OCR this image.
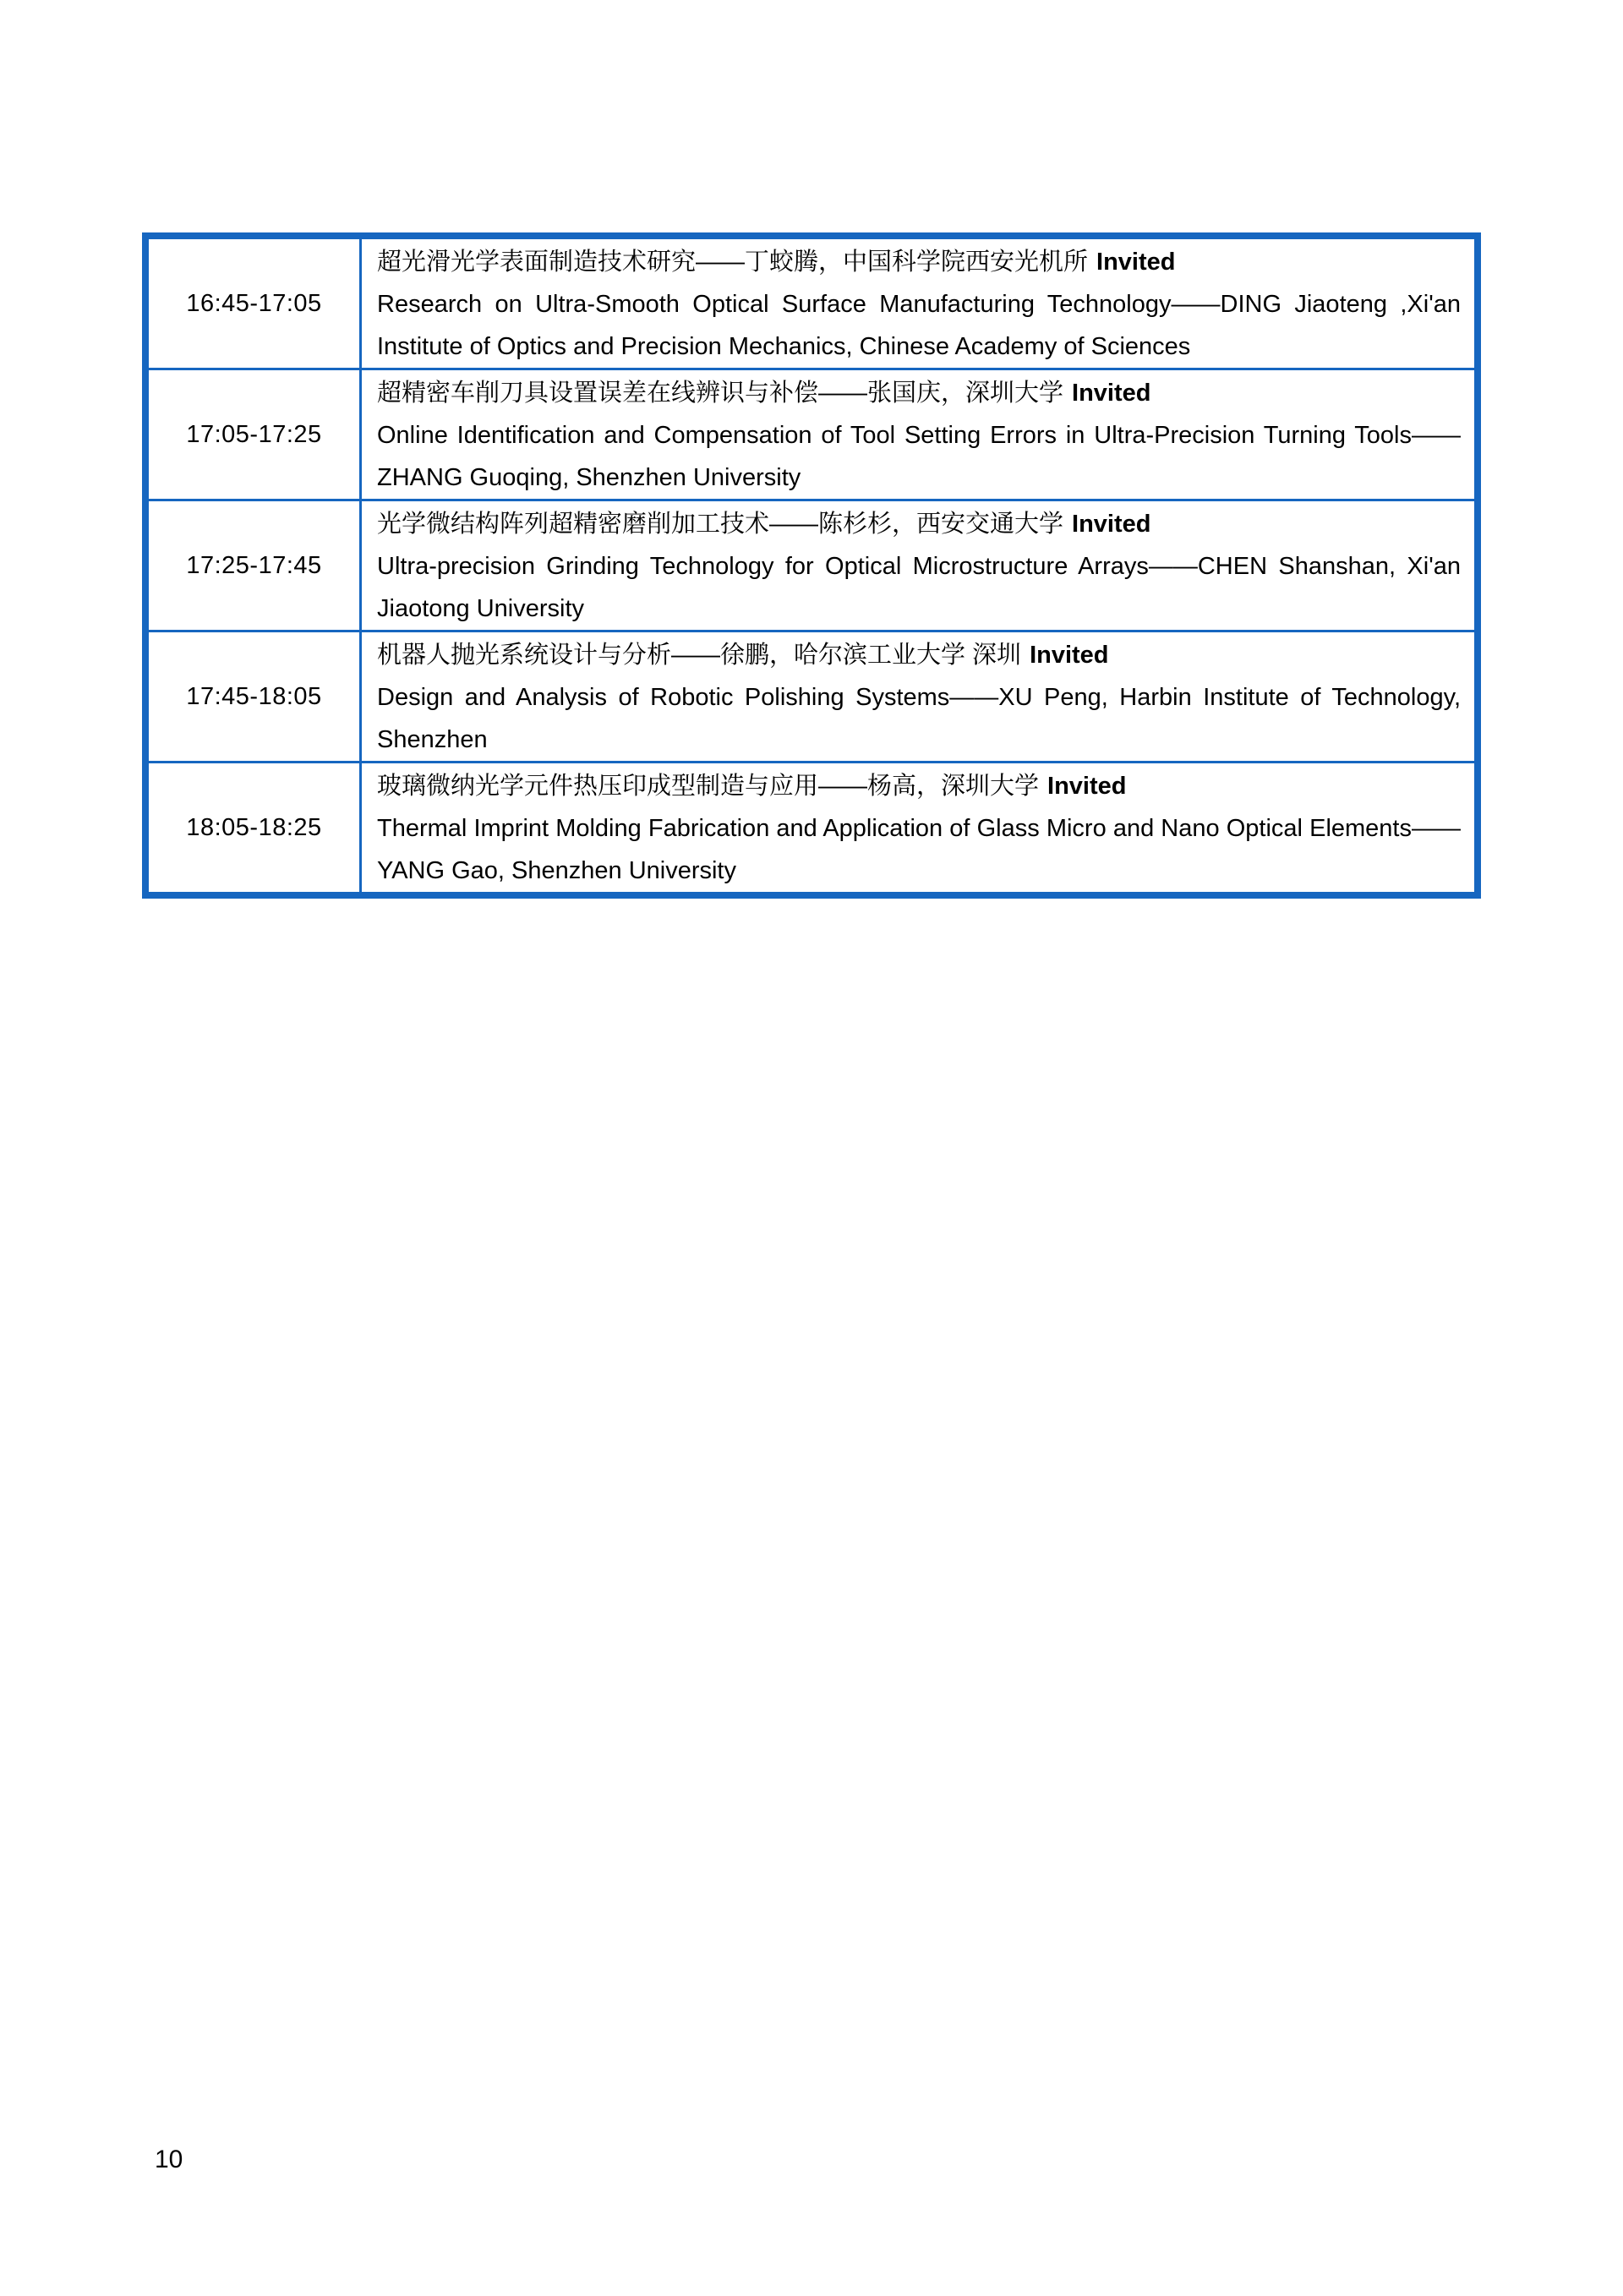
16:45-17:05
超光滑光学表面制造技术研究——丁蛟腾，中国科学院西安光机所 Invited
Research on Ultra-Smooth Optical Surface Manufacturing Technology——DING Jiaoteng ,Xi'an Institute of Optics and Precision Mechanics, Chinese Academy of Sciences
17:05-17:25
超精密车削刀具设置误差在线辨识与补偿——张国庆，深圳大学 Invited
Online Identification and Compensation of Tool Setting Errors in Ultra-Precision Turning Tools——ZHANG Guoqing, Shenzhen University
17:25-17:45
光学微结构阵列超精密磨削加工技术——陈杉杉，西安交通大学 Invited
Ultra-precision Grinding Technology for Optical Microstructure Arrays——CHEN Shanshan, Xi'an Jiaotong University
17:45-18:05
机器人抛光系统设计与分析——徐鹏，哈尔滨工业大学 深圳 Invited
Design and Analysis of Robotic Polishing Systems——XU Peng, Harbin Institute of Technology, Shenzhen
18:05-18:25
玻璃微纳光学元件热压印成型制造与应用——杨高，深圳大学 Invited
Thermal Imprint Molding Fabrication and Application of Glass Micro and Nano Optical Elements——YANG Gao, Shenzhen University
10
